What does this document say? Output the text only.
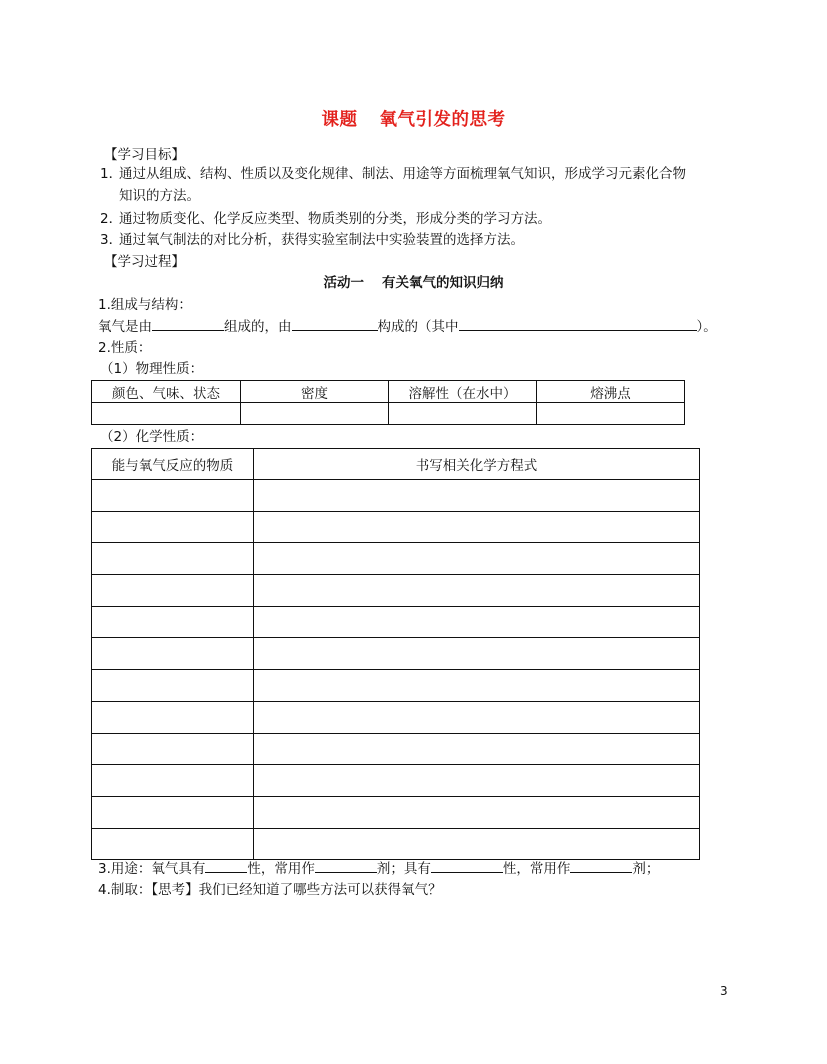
课题 氧气引发的思考
【学习目标】
1．
通过从组成、结构、性质以及变化规律、制法、用途等方面梳理氧气知识，形成学习元素化合物
知识的方法。
2．
通过物质变化、化学反应类型、物质类别的分类，形成分类的学习方法。
3．
通过氧气制法的对比分析，获得实验室制法中实验装置的选择方法。
【学习过程】
活动一 有关氧气的知识归纳
1.组成与结构：
氧气是由	组成的，由	构成的（其中	）。
2.性质：
（1）物理性质：
颜色、气味、状态	密度	溶解性（在水中）	熔沸点

（2）化学性质：
能与氧气反应的物质	书写相关化学方程式

3.用途：氧气具有	性，常用作	剂；具有	性，常用作	剂；
4.制取：【思考】我们已经知道了哪些方法可以获得氧气？
3
